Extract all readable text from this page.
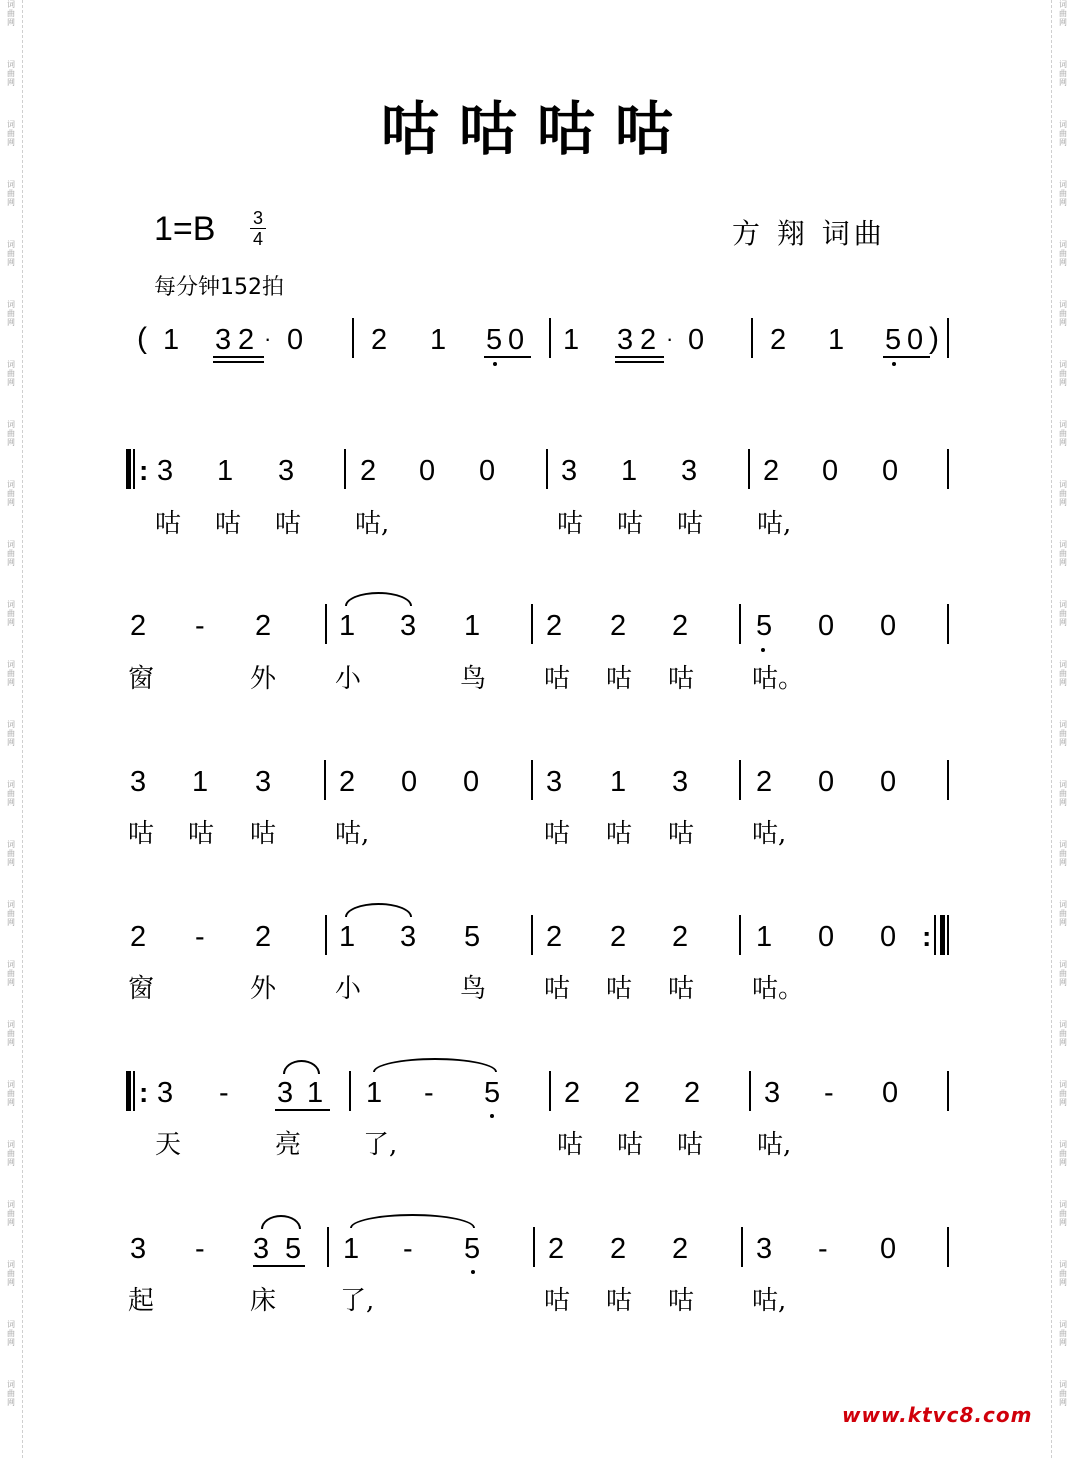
咕咕咕咕
1=B 3
4
每分钟152拍
方 翔 词曲
www.ktvc8.com
1 3 2 · 0 2 1 5 0 1 3 2 · 0 2 1 5 0
(	)
3 1 3 2 0 0 3 1 3 2 0 0
:
咕 咕 咕 咕,	咕 咕 咕 咕,
2 - 2 1 3 1 2 2 2 5 0 0
窗	外 小	鸟 咕 咕 咕 咕。
3 1 3 2 0 0 3 1 3 2 0 0
咕 咕 咕 咕,	咕 咕 咕 咕,
2 - 2 1 3 5 2 2 2 1 0 0 :
窗	外 小	鸟 咕 咕 咕 咕。
3 - 3 1 1 - 5 2 2 2 3 - 0
:
天	亮 了,	咕 咕 咕 咕,
3 - 3 5 1 - 5 2 2 2 3 - 0
起	床 了,	咕 咕 咕 咕,
词
曲
网
词
曲
网
词
曲
网
词
曲
网
词
曲
网
词
曲
网
词
曲
网
词
曲
网
词
曲
网
词
曲
网
词
曲
网
词
曲
网
词
曲
网
词
曲
网
词
曲
网
词
曲
网
词
曲
网
词
曲
网
词
曲
网
词
曲
网
词
曲
网
词
曲
网
词
曲
网
词
曲
网
词
曲
网
词
曲
网
词
曲
网
词
曲
网
词
曲
网
词
曲
网
词
曲
网
词
曲
网
词
曲
网
词
曲
网
词
曲
网
词
曲
网
词
曲
网
词
曲
网
词
曲
网
词
曲
网
词
曲
网
词
曲
网
词
曲
网
词
曲
网
词
曲
网
词
曲
网
词
曲
网
词
曲
网
